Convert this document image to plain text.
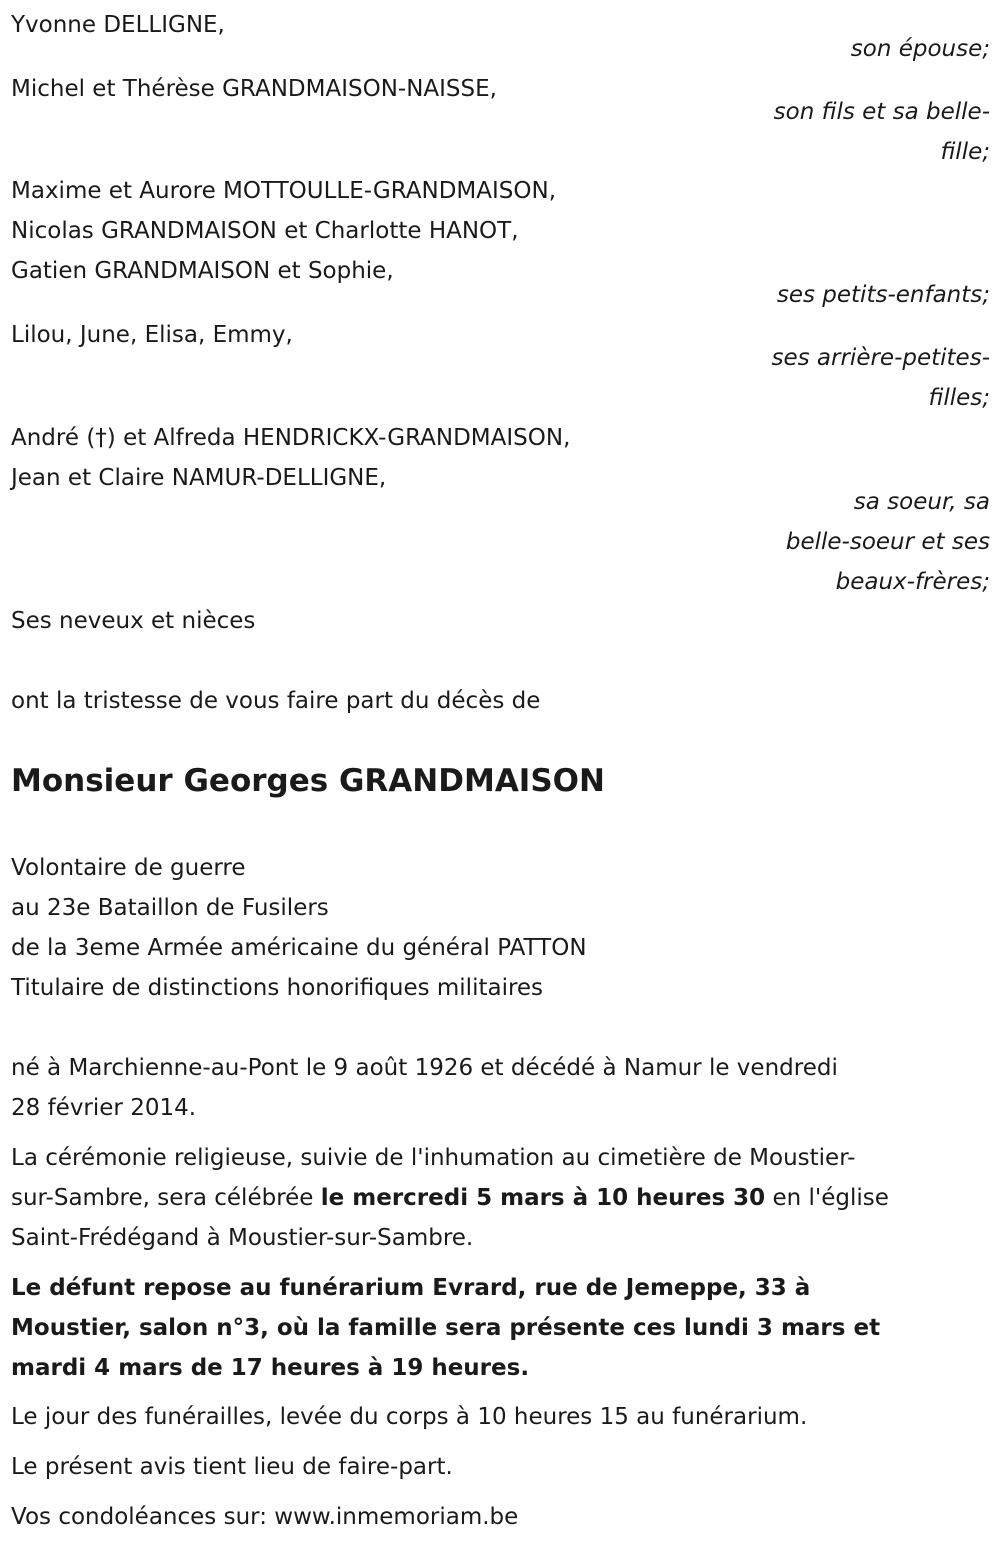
Yvonne DELLIGNE,
son épouse;
Michel et Thérèse GRANDMAISON-NAISSE,
son fils et sa belle-
fille;
Maxime et Aurore MOTTOULLE-GRANDMAISON,
Nicolas GRANDMAISON et Charlotte HANOT,
Gatien GRANDMAISON et Sophie,
ses petits-enfants;
Lilou, June, Elisa, Emmy,
ses arrière-petites-
filles;
André (†) et Alfreda HENDRICKX-GRANDMAISON,
Jean et Claire NAMUR-DELLIGNE,
sa soeur, sa
belle-soeur et ses
beaux-frères;
Ses neveux et nièces
ont la tristesse de vous faire part du décès de
Monsieur Georges GRANDMAISON
Volontaire de guerre
au 23e Bataillon de Fusilers
de la 3eme Armée américaine du général PATTON
Titulaire de distinctions honorifiques militaires
né à Marchienne-au-Pont le 9 août 1926 et décédé à Namur le vendredi
28 février 2014.
La cérémonie religieuse, suivie de l'inhumation au cimetière de Moustier-
sur-Sambre, sera célébrée le mercredi 5 mars à 10 heures 30 en l'église
Saint-Frédégand à Moustier-sur-Sambre.
Le défunt repose au funérarium Evrard, rue de Jemeppe, 33 à
Moustier, salon n°3, où la famille sera présente ces lundi 3 mars et
mardi 4 mars de 17 heures à 19 heures.
Le jour des funérailles, levée du corps à 10 heures 15 au funérarium.
Le présent avis tient lieu de faire-part.
Vos condoléances sur: www.inmemoriam.be
